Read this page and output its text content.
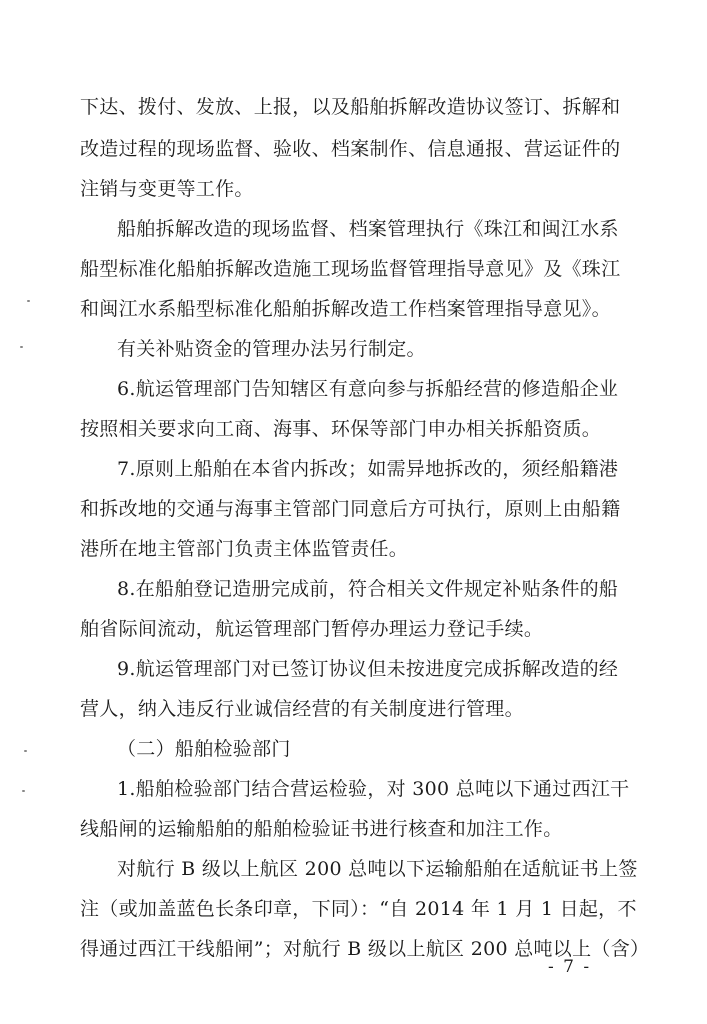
下达、拨付、发放、上报，以及船舶拆解改造协议签订、拆解和
改造过程的现场监督、验收、档案制作、信息通报、营运证件的
注销与变更等工作。
船舶拆解改造的现场监督、档案管理执行《珠江和闽江水系
船型标准化船舶拆解改造施工现场监督管理指导意见》及《珠江
和闽江水系船型标准化船舶拆解改造工作档案管理指导意见》。
有关补贴资金的管理办法另行制定。
6.航运管理部门告知辖区有意向参与拆船经营的修造船企业
按照相关要求向工商、海事、环保等部门申办相关拆船资质。
7.原则上船舶在本省内拆改；如需异地拆改的，须经船籍港
和拆改地的交通与海事主管部门同意后方可执行，原则上由船籍
港所在地主管部门负责主体监管责任。
8.在船舶登记造册完成前，符合相关文件规定补贴条件的船
舶省际间流动，航运管理部门暂停办理运力登记手续。
9.航运管理部门对已签订协议但未按进度完成拆解改造的经
营人，纳入违反行业诚信经营的有关制度进行管理。
（二）船舶检验部门
1.船舶检验部门结合营运检验，对 300 总吨以下通过西江干
线船闸的运输船舶的船舶检验证书进行核查和加注工作。
对航行 B 级以上航区 200 总吨以下运输船舶在适航证书上签
注（或加盖蓝色长条印章，下同）：“自 2014 年 1 月 1 日起，不
得通过西江干线船闸”；对航行 B 级以上航区 200 总吨以上（含）
- 7 -
